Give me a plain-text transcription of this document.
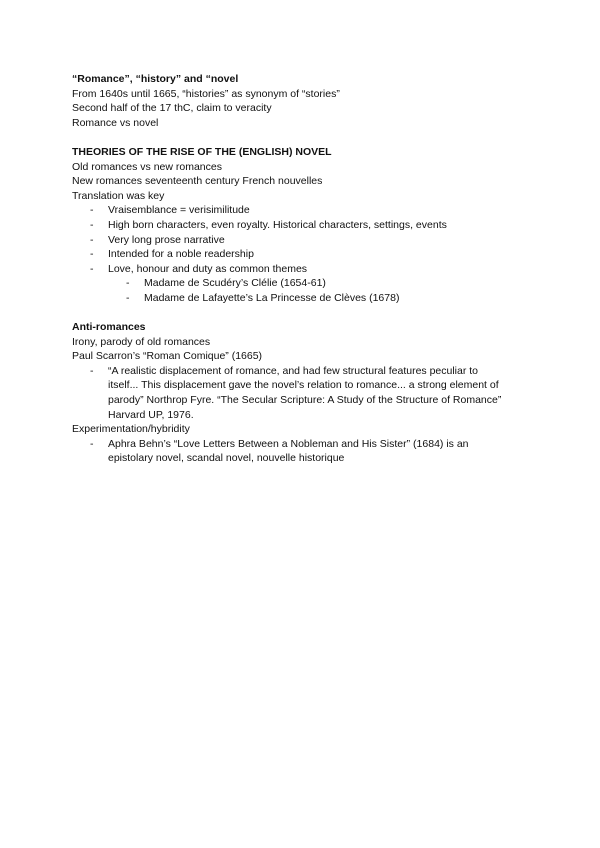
“Romance”, “history” and “novel
From 1640s until 1665, “histories” as synonym of “stories”
Second half of the 17 thC, claim to veracity
Romance vs novel
THEORIES OF THE RISE OF THE (ENGLISH) NOVEL
Old romances vs new romances
New romances seventeenth century French nouvelles
Translation was key
- Vraisemblance = verisimilitude
- High born characters, even royalty. Historical characters, settings, events
- Very long prose narrative
- Intended for a noble readership
- Love, honour and duty as common themes
- Madame de Scudéry’s Clélie (1654-61)
- Madame de Lafayette’s La Princesse de Clèves (1678)
Anti-romances
Irony, parody of old romances
Paul Scarron’s “Roman Comique” (1665)
- “A realistic displacement of romance, and had few structural features peculiar to
itself... This displacement gave the novel’s relation to romance... a strong element of
parody” Northrop Fyre. “The Secular Scripture: A Study of the Structure of Romance”
Harvard UP, 1976.
Experimentation/hybridity
- Aphra Behn’s “Love Letters Between a Nobleman and His Sister” (1684) is an
epistolary novel, scandal novel, nouvelle historique
